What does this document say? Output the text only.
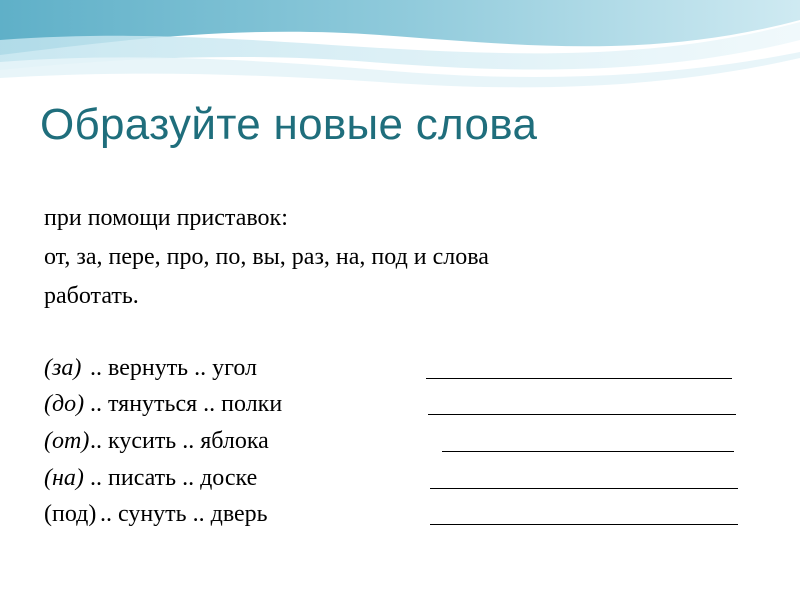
Образуйте новые слова
при помощи приставок:
от, за, пере, про, по, вы, раз, на, под и слова
работать.
(за) .. вернуть .. угол
(до) .. тянуться .. полки
(от) .. кусить .. яблока
(на) .. писать .. доске
(под) .. сунуть .. дверь
